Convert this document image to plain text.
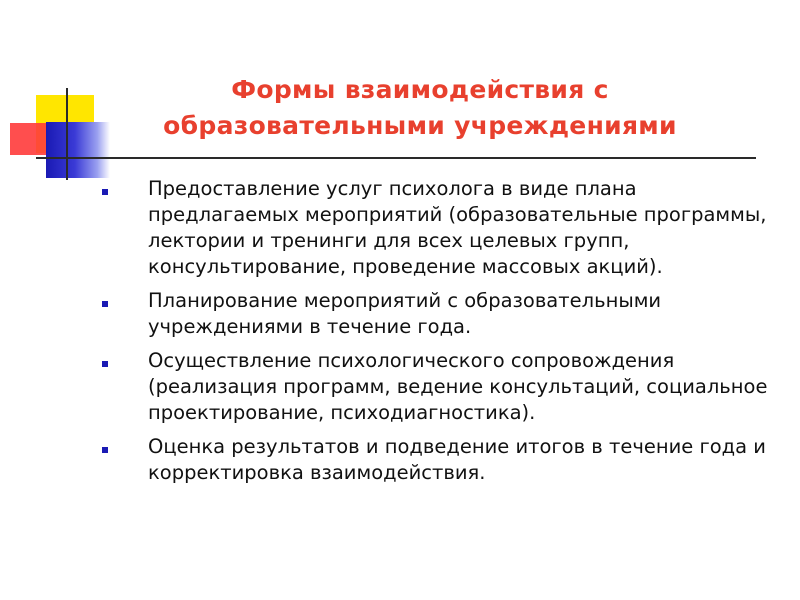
Формы взаимодействия с
образовательными учреждениями
Предоставление услуг психолога в виде плана предлагаемых мероприятий (образовательные программы, лектории и тренинги для всех целевых групп, консультирование, проведение массовых акций).
Планирование мероприятий с образовательными учреждениями в течение года.
Осуществление психологического сопровождения (реализация программ, ведение консультаций, социальное проектирование, психодиагностика).
Оценка результатов и подведение итогов в течение года и корректировка взаимодействия.
